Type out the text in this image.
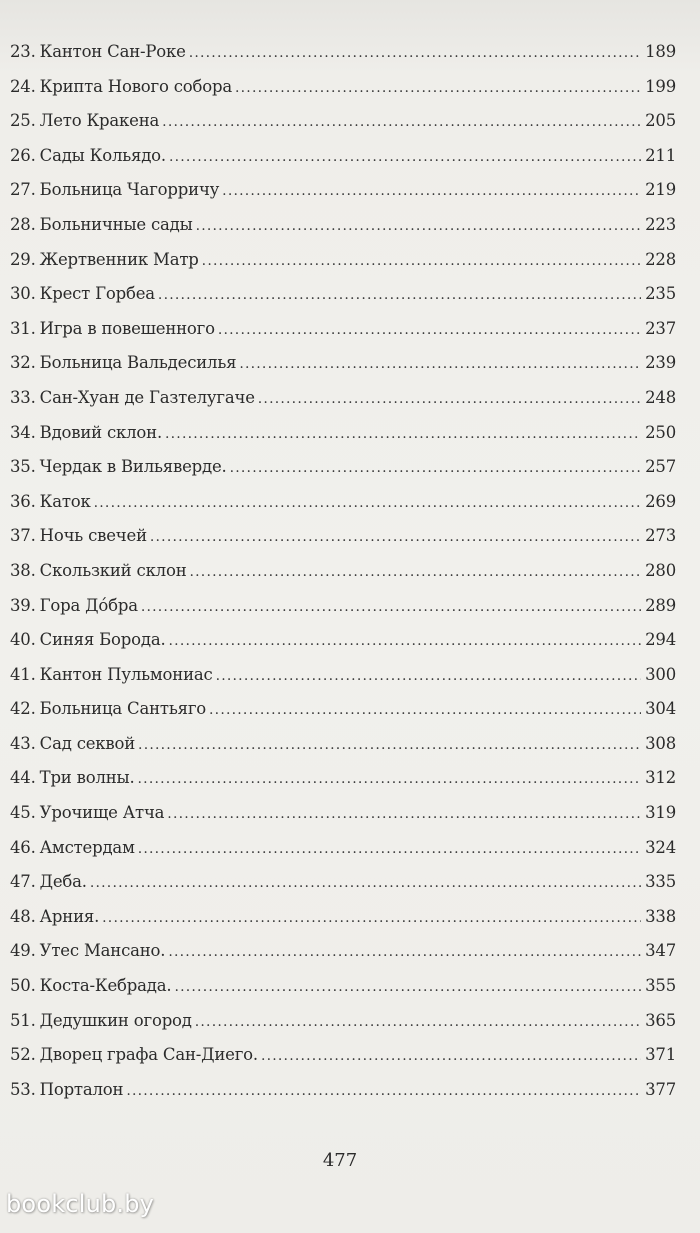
23. Кантон Сан-Роке .....	189
24. Крипта Нового собора .....	199
25. Лето Кракена .....	205
26. Сады Кольядо. .....	211
27. Больница Чагорричу .....	219
28. Больничные сады .....	223
29. Жертвенник Матр .....	228
30. Крест Горбеа .....	235
31. Игра в повешенного .....	237
32. Больница Вальдесилья .....	239
33. Сан-Хуан де Газтелугаче .....	248
34. Вдовий склон. .....	250
35. Чердак в Вильяверде. .....	257
36. Каток .....	269
37. Ночь свечей .....	273
38. Скользкий склон .....	280
39. Гора Дóбра .....	289
40. Синяя Борода. .....	294
41. Кантон Пульмониас .....	300
42. Больница Сантьяго .....	304
43. Сад секвой .....	308
44. Три волны. .....	312
45. Урочище Атча .....	319
46. Амстердам .....	324
47. Деба. .....	335
48. Арния. .....	338
49. Утес Мансано. .....	347
50. Коста-Кебрада. .....	355
51. Дедушкин огород .....	365
52. Дворец графа Сан-Диего. .....	371
53. Порталон .....	377
477
bookclub.by
